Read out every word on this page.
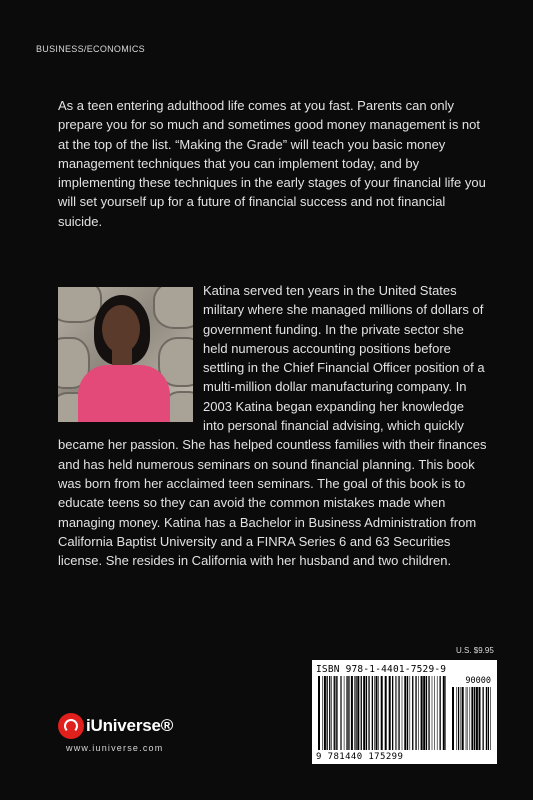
BUSINESS/ECONOMICS

As a teen entering adulthood life comes at you fast. Parents can only prepare you for so much and sometimes good money management is not at the top of the list. “Making the Grade” will teach you basic money management techniques that you can implement today, and by implementing these techniques in the early stages of your financial life you will set yourself up for a future of financial success and not financial suicide.

Katina served ten years in the United States military where she managed millions of dollars of government funding. In the private sector she held numerous accounting positions before settling in the Chief Financial Officer position of a multi-million dollar manufacturing company. In 2003 Katina began expanding her knowledge into personal financial advising, which quickly became her passion. She has helped countless families with their finances and has held numerous seminars on sound financial planning. This book was born from her acclaimed teen seminars. The goal of this book is to educate teens so they can avoid the common mistakes made when managing money. Katina has a Bachelor in Business Administration from California Baptist University and a FINRA Series 6 and 63 Securities license. She resides in California with her husband and two children.
U.S. $9.95
ISBN 978-1-4401-7529-9
90000
9 781440 175299
iUniverse®
www.iuniverse.com
